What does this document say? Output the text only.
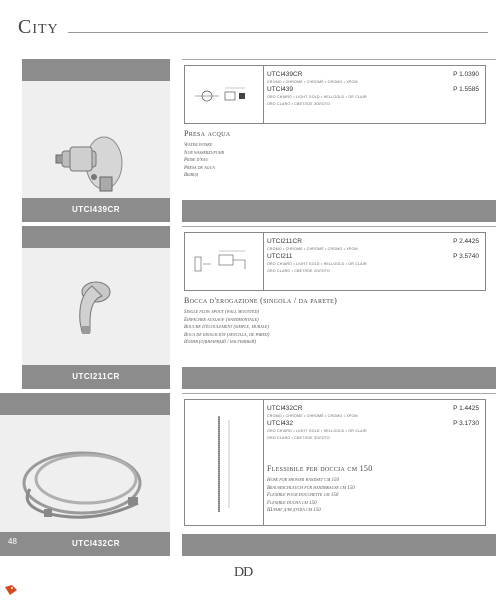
City
UTCI439CR
UTCI439CR	P 1.0390
CROMO • CHROME • CHROMÉ • CROMO • XPOM
UTCI439	P 1.5585
ORO CHIARO • LIGHT GOLD • HELLGOLD • OR CLAIR
ORO CLARO • СВЕТЛОЕ ЗОЛОТО
Presa acqua
Water intake
Nur wasserzufuhr
Prise d'eau
Presa de agua
Вывод
UTCI211CR
UTCI211CR	P 2.4425
CROMO • CHROME • CHROMÉ • CROMO • XPOM
UTCI211	P 3.5740
ORO CHIARO • LIGHT GOLD • HELLGOLD • OR CLAIR
ORO CLARO • СВЕТЛОЕ ЗОЛОТО
Bocca d'erogazione (singola / da parete)
Single flow spout (wall mounted)
Einfacher auslauf (wandmontage)
Bouche d'écoulement (simple, murale)
Boca de erogación (sencilla, de pared)
Излив (одинарный / настенный)
48	UTCI432CR
UTCI432CR	P 1.4425
CROMO • CHROME • CHROMÉ • CROMO • XPOM
UTCI432	P 3.1730
ORO CHIARO • LIGHT GOLD • HELLGOLD • OR CLAIR
ORO CLARO • СВЕТЛОЕ ЗОЛОТО
Flessibile per doccia cm 150
Hose for shower handset cm 150
Brauseschlauch für handbrause cm 150
Flexible pour douchette cm 150
Flexible ducha cm 150
Шланг для душа см 150
DD
